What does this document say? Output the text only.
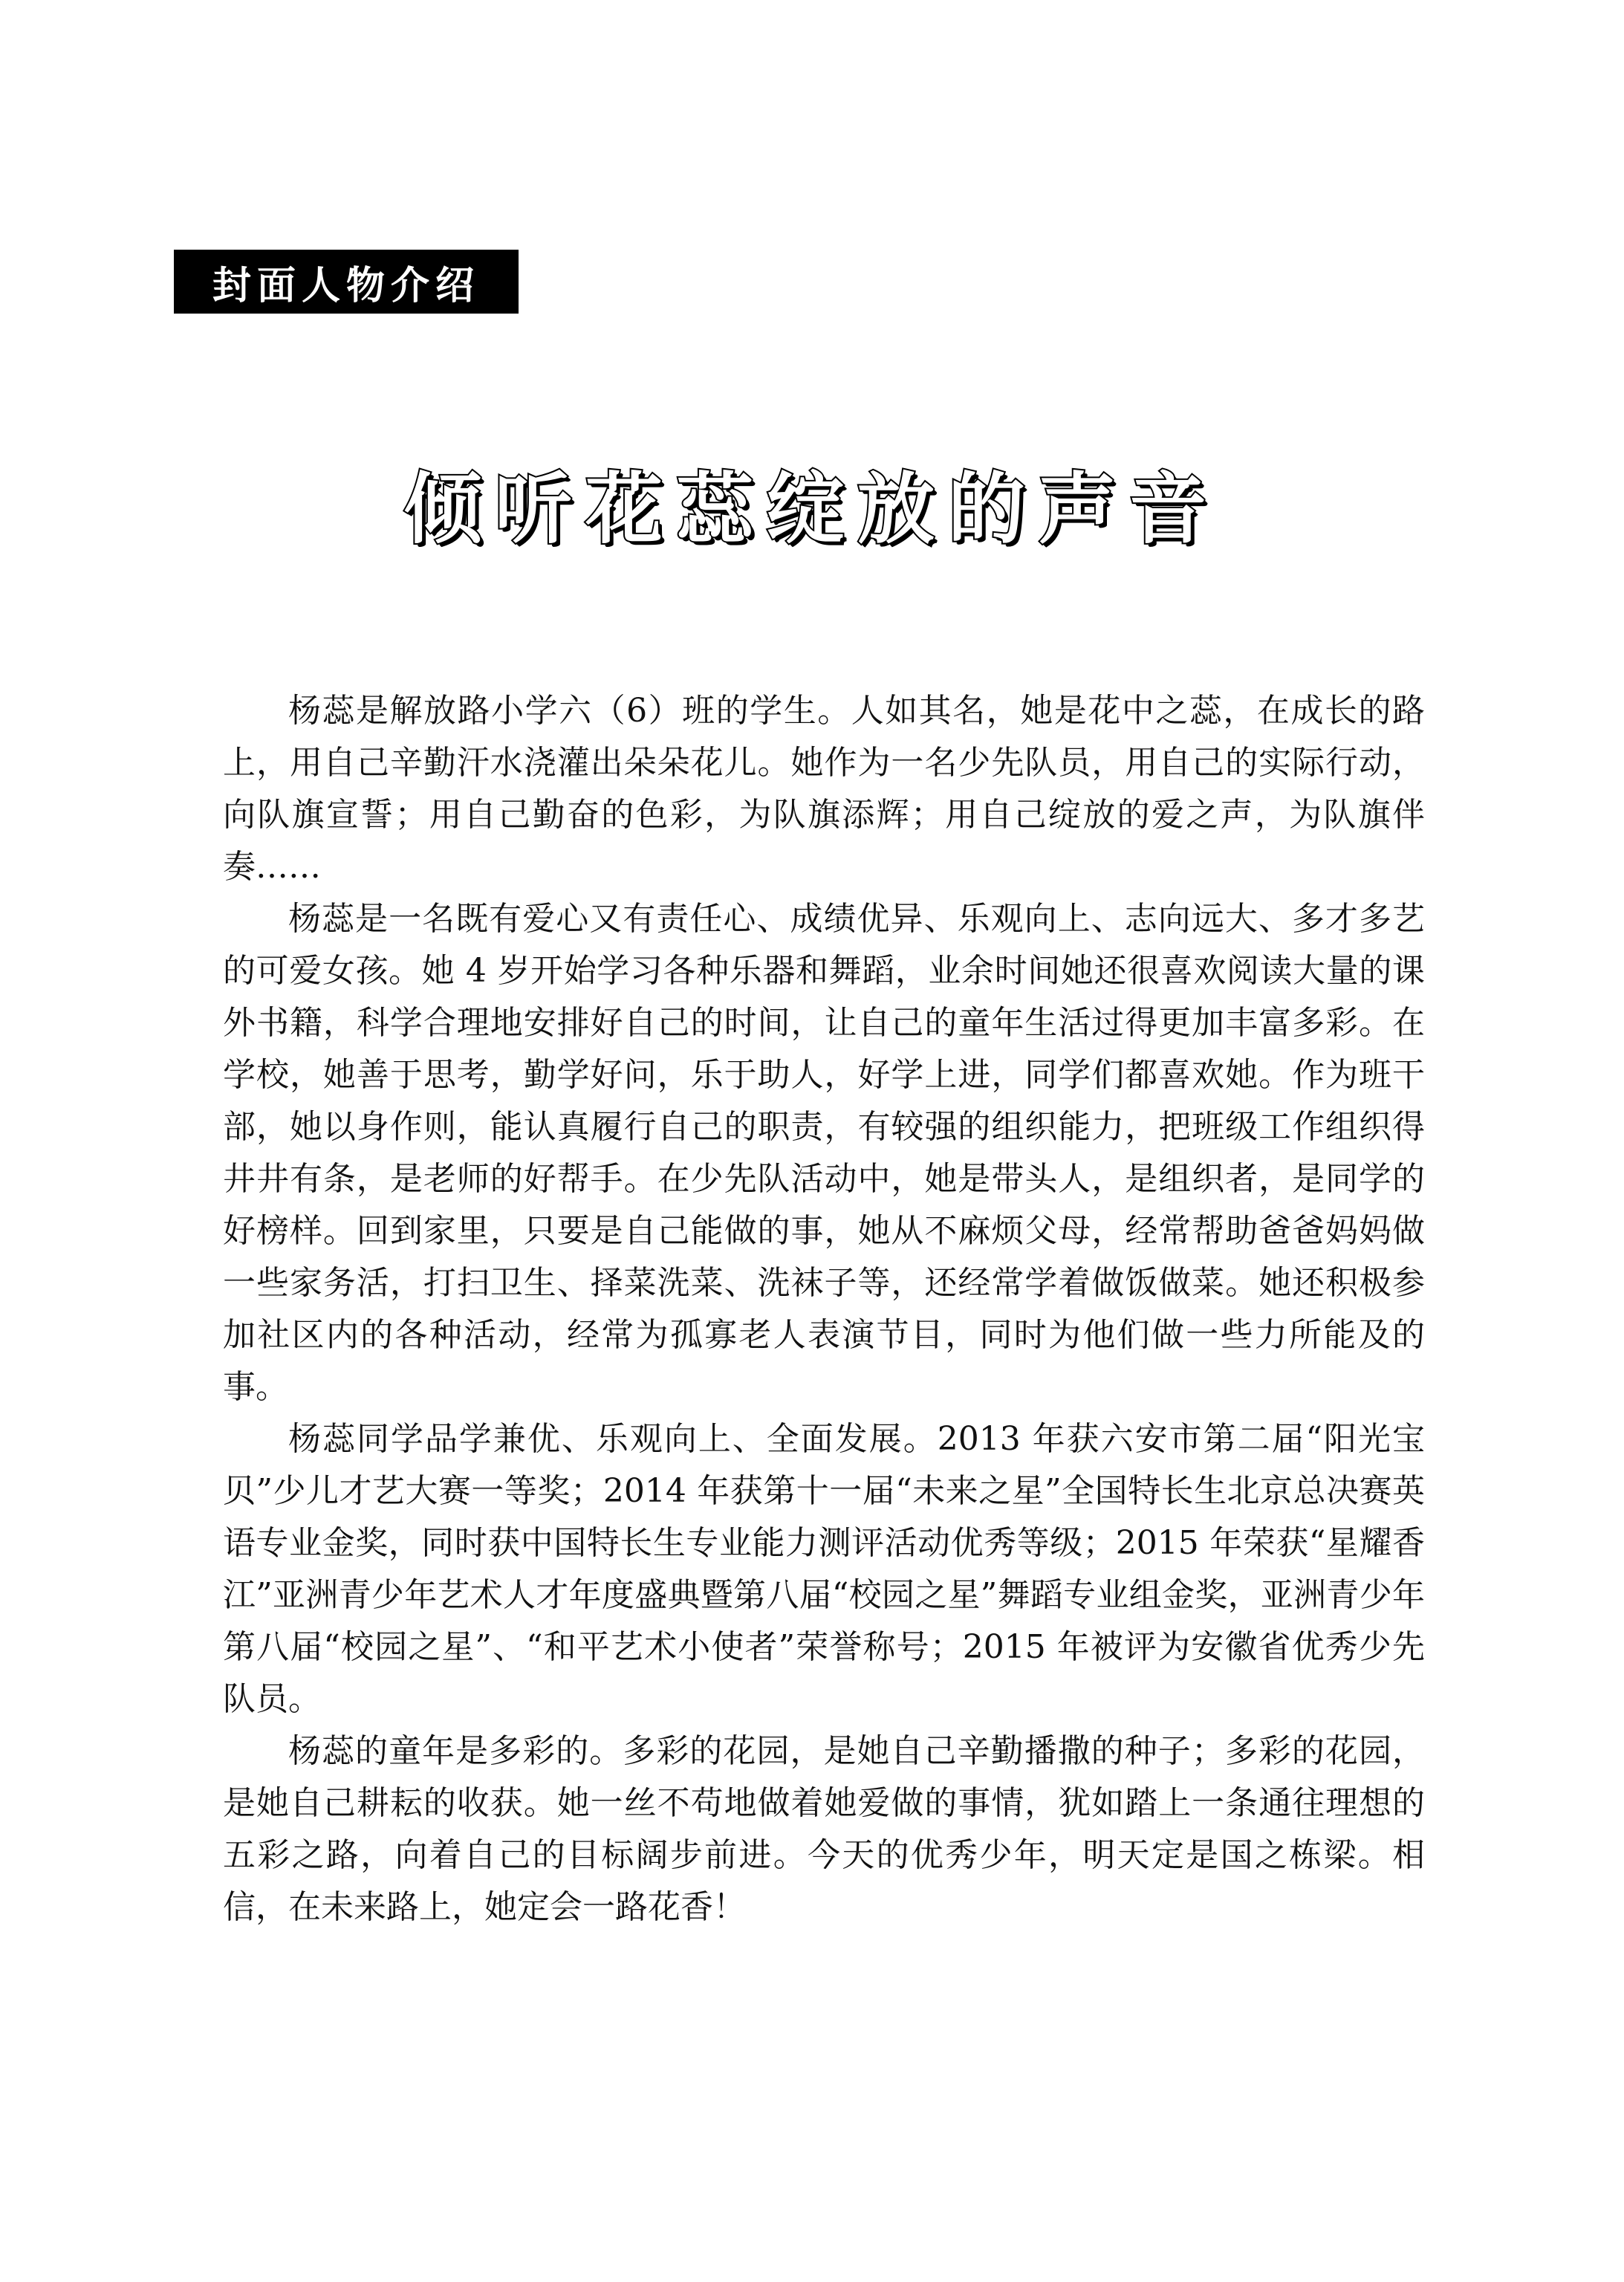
封面人物介绍
倾听花蕊绽放的声音

杨蕊是解放路小学六（6）班的学生。人如其名，她是花中之蕊，在成长的路上，用自己辛勤汗水浇灌出朵朵花儿。她作为一名少先队员，用自己的实际行动，向队旗宣誓；用自己勤奋的色彩，为队旗添辉；用自己绽放的爱之声，为队旗伴奏……

杨蕊是一名既有爱心又有责任心、成绩优异、乐观向上、志向远大、多才多艺的可爱女孩。她 4 岁开始学习各种乐器和舞蹈，业余时间她还很喜欢阅读大量的课外书籍，科学合理地安排好自己的时间，让自己的童年生活过得更加丰富多彩。在学校，她善于思考，勤学好问，乐于助人，好学上进，同学们都喜欢她。作为班干部，她以身作则，能认真履行自己的职责，有较强的组织能力，把班级工作组织得井井有条，是老师的好帮手。在少先队活动中，她是带头人，是组织者，是同学的好榜样。回到家里，只要是自己能做的事，她从不麻烦父母，经常帮助爸爸妈妈做一些家务活，打扫卫生、择菜洗菜、洗袜子等，还经常学着做饭做菜。她还积极参加社区内的各种活动，经常为孤寡老人表演节目，同时为他们做一些力所能及的事。

杨蕊同学品学兼优、乐观向上、全面发展。2013 年获六安市第二届“阳光宝贝”少儿才艺大赛一等奖；2014 年获第十一届“未来之星”全国特长生北京总决赛英语专业金奖，同时获中国特长生专业能力测评活动优秀等级；2015 年荣获“星耀香江”亚洲青少年艺术人才年度盛典暨第八届“校园之星”舞蹈专业组金奖，亚洲青少年第八届“校园之星”、“和平艺术小使者”荣誉称号；2015 年被评为安徽省优秀少先队员。

杨蕊的童年是多彩的。多彩的花园，是她自己辛勤播撒的种子；多彩的花园，是她自己耕耘的收获。她一丝不苟地做着她爱做的事情，犹如踏上一条通往理想的五彩之路，向着自己的目标阔步前进。今天的优秀少年，明天定是国之栋梁。相信，在未来路上，她定会一路花香！
